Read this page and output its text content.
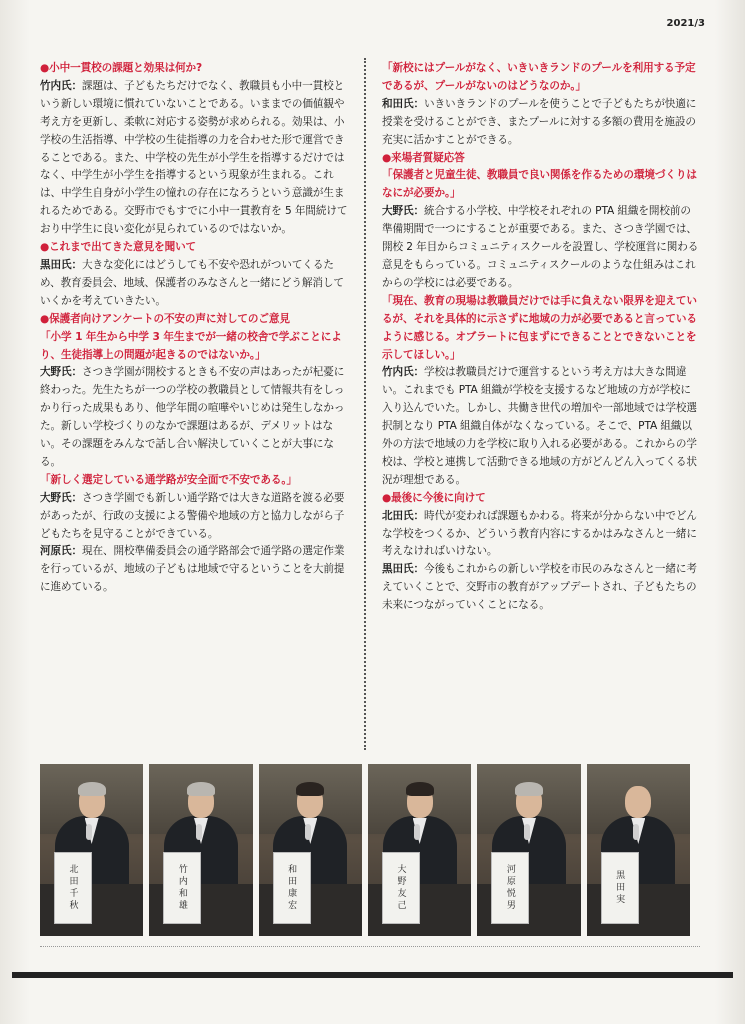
2021/3

●小中一貫校の課題と効果は何か?

竹内氏：課題は、子どもたちだけでなく、教職員も小中一貫校という新しい環境に慣れていないことである。いままでの価値観や考え方を更新し、柔軟に対応する姿勢が求められる。効果は、小学校の生活指導、中学校の生徒指導の力を合わせた形で運営できることである。また、中学校の先生が小学生を指導するだけではなく、中学生が小学生を指導するという現象が生まれる。これは、中学生自身が小学生の憧れの存在になろうという意識が生まれるためである。交野市でもすでに小中一貫教育を 5 年間続けており中学生に良い変化が見られているのではないか。

●これまで出てきた意見を聞いて

黒田氏：大きな変化にはどうしても不安や恐れがついてくるため、教育委員会、地域、保護者のみなさんと一緒にどう解消していくかを考えていきたい。

●保護者向けアンケートの不安の声に対してのご意見

「小学 1 年生から中学 3 年生までが一緒の校舎で学ぶことにより、生徒指導上の問題が起きるのではないか。」

大野氏：さつき学園が開校するときも不安の声はあったが杞憂に終わった。先生たちが一つの学校の教職員として情報共有をしっかり行った成果もあり、他学年間の喧嘩やいじめは発生しなかった。新しい学校づくりのなかで課題はあるが、デメリットはない。その課題をみんなで話し合い解決していくことが大事になる。

「新しく選定している通学路が安全面で不安である。」

大野氏：さつき学園でも新しい通学路では大きな道路を渡る必要があったが、行政の支援による警備や地域の方と協力しながら子どもたちを見守ることができている。

河原氏：現在、開校準備委員会の通学路部会で通学路の選定作業を行っているが、地域の子どもは地域で守るということを大前提に進めている。

「新校にはプールがなく、いきいきランドのプールを利用する予定であるが、プールがないのはどうなのか。」

和田氏：いきいきランドのプールを使うことで子どもたちが快適に授業を受けることができ、またプールに対する多額の費用を施設の充実に活かすことができる。

●来場者質疑応答

「保護者と児童生徒、教職員で良い関係を作るための環境づくりはなにが必要か。」

大野氏：統合する小学校、中学校それぞれの PTA 組織を開校前の準備期間で一つにすることが重要である。また、さつき学園では、開校 2 年目からコミュニティスクールを設置し、学校運営に関わる意見をもらっている。コミュニティスクールのような仕組みはこれからの学校には必要である。

「現在、教育の現場は教職員だけでは手に負えない限界を迎えているが、それを具体的に示さずに地域の力が必要であると言っているように感じる。オブラートに包まずにできることとできないことを示してほしい。」

竹内氏：学校は教職員だけで運営するという考え方は大きな間違い。これまでも PTA 組織が学校を支援するなど地域の方が学校に入り込んでいた。しかし、共働き世代の増加や一部地域では学校選択制となり PTA 組織自体がなくなっている。そこで、PTA 組織以外の方法で地域の力を学校に取り入れる必要がある。これからの学校は、学校と連携して活動できる地域の方がどんどん入ってくる状況が理想である。

●最後に今後に向けて

北田氏：時代が変われば課題もかわる。将来が分からない中でどんな学校をつくるか、どういう教育内容にするかはみなさんと一緒に考えなければいけない。

黒田氏：今後もこれからの新しい学校を市民のみなさんと一緒に考えていくことで、交野市の教育がアップデートされ、子どもたちの未来につながっていくことになる。

北田千秋	竹内和雄	和田康宏	大野友己	河原悦男	黒田実
